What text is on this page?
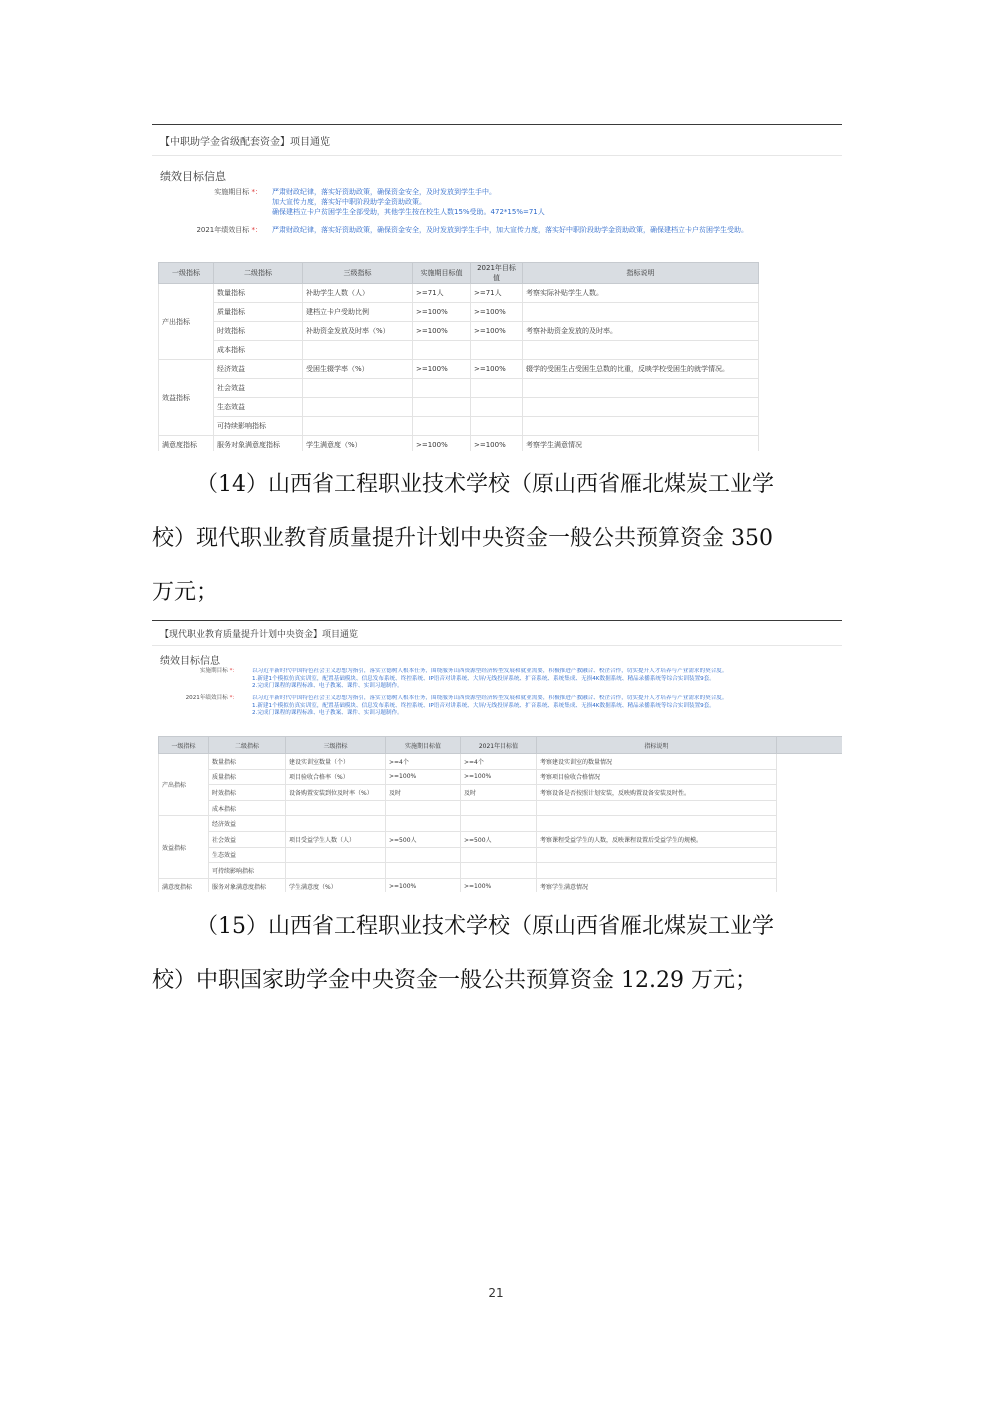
【中职助学金省级配套资金】项目通览
绩效目标信息
实施期目标 *：	严肃财政纪律，落实好资助政策，确保资金安全，及时发放到学生手中。
加大宣传力度，落实好中职阶段助学金资助政策。
确保建档立卡户贫困学生全部受助，其他学生按在校生人数15%受助。472*15%=71人
2021年绩效目标 *：	严肃财政纪律，落实好资助政策，确保资金安全，及时发放到学生手中，加大宣传力度，落实好中职阶段助学金资助政策，确保建档立卡户贫困学生受助。
一级指标	二级指标	三级指标	实施期目标值	2021年目标值	指标说明
产出指标	数量指标	补助学生人数（人）	>=71人	>=71人	考察实际补贴学生人数。
	质量指标	建档立卡户受助比例	>=100%	>=100%	
	时效指标	补助资金发放及时率（%）	>=100%	>=100%	考察补助资金发放的及时率。
	成本指标				
效益指标	经济效益	受困生辍学率（%）	>=100%	>=100%	辍学的受困生占受困生总数的比重，反映学校受困生的就学情况。
	社会效益				
	生态效益				
	可持续影响指标				
满意度指标	服务对象满意度指标	学生满意度（%）	>=100%	>=100%	考察学生满意情况
（14）山西省工程职业技术学校（原山西省雁北煤炭工业学
校）现代职业教育质量提升计划中央资金一般公共预算资金 350
万元；
【现代职业教育质量提升计划中央资金】项目通览
绩效目标信息
实施期目标 *：	以习近平新时代中国特色社会主义思想为指引，落实立德树人根本任务，围绕服务山西资源型经济转型发展和就业需要，积极推进产教融合、校企合作，切实提升人才培养与产业需求的契合度。
1.新建1个模拟仿真实训室，配置基础模块、信息发布系统、终控系统、IP语音对讲系统、大屏/无线投屏系统、扩音系统、系统集成、无损4K数据系统、精品录播系统等综合实训装置9套。
2.完成门课程的课程标准、电子教案、课件、实训习题制作。
2021年绩效目标 *：	以习近平新时代中国特色社会主义思想为指引，落实立德树人根本任务，围绕服务山西资源型经济转型发展和就业需要，积极推进产教融合、校企合作，切实提升人才培养与产业需求的契合度。
1.新建1个模拟仿真实训室，配置基础模块、信息发布系统、终控系统、IP语音对讲系统、大屏/无线投屏系统、扩音系统、系统集成、无损4K数据系统、精品录播系统等综合实训装置9套。
2.完成门课程的课程标准、电子教案、课件、实训习题制作。
一级指标	二级指标	三级指标	实施期目标值	2021年目标值	指标说明	
产出指标	数量指标	建设实训室数量（个）	>=4个	>=4个	考察建设实训室的数量情况	
	质量指标	项目验收合格率（%）	>=100%	>=100%	考察项目验收合格情况	
	时效指标	设备购置安装到位及时率（%）	及时	及时	考察设备是否按照计划安装，反映购置设备安装及时性。	
	成本指标					
效益指标	经济效益					
	社会效益	项目受益学生人数（人）	>=500人	>=500人	考察课程受益学生的人数，反映课程设置后受益学生的规模。	
	生态效益					
	可持续影响指标					
满意度指标	服务对象满意度指标	学生满意度（%）	>=100%	>=100%	考察学生满意情况	
（15）山西省工程职业技术学校（原山西省雁北煤炭工业学
校）中职国家助学金中央资金一般公共预算资金 12.29 万元；
21
